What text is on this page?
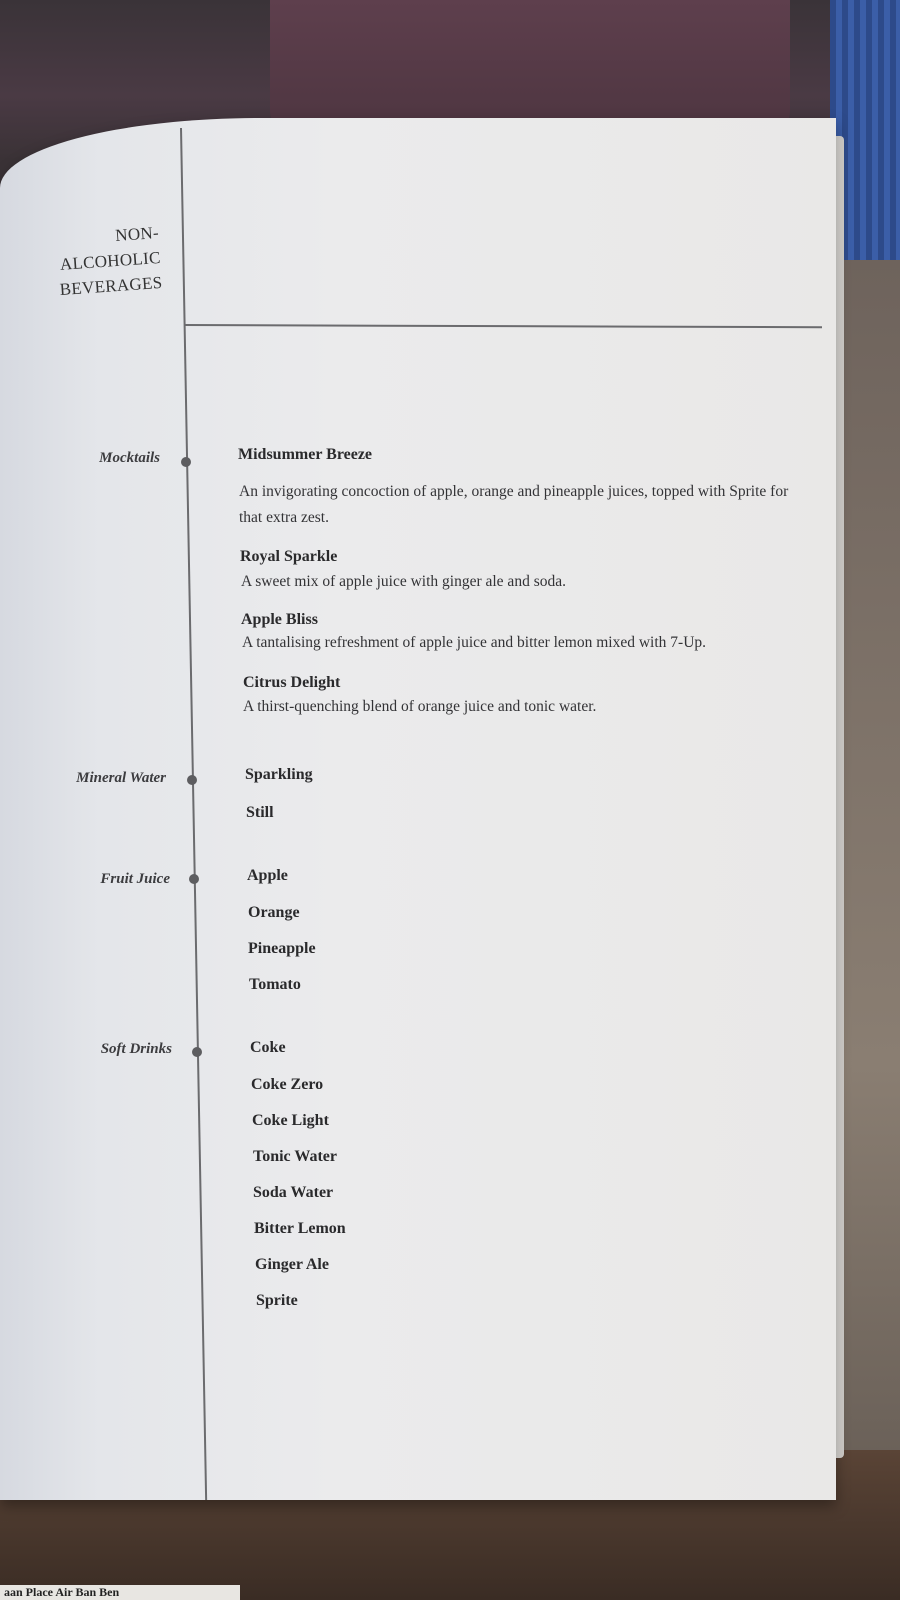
aan Place Air Ban Ben
NON-
ALCOHOLIC
BEVERAGES
Mocktails	Midsummer Breeze
An invigorating concoction of apple, orange and pineapple juices, topped with Sprite for that extra zest.
Royal Sparkle
A sweet mix of apple juice with ginger ale and soda.
Apple Bliss
A tantalising refreshment of apple juice and bitter lemon mixed with 7-Up.
Citrus Delight
A thirst-quenching blend of orange juice and tonic water.
Mineral Water	Sparkling
Still
Fruit Juice	Apple
Orange
Pineapple
Tomato
Soft Drinks	Coke
Coke Zero
Coke Light
Tonic Water
Soda Water
Bitter Lemon
Ginger Ale
Sprite
